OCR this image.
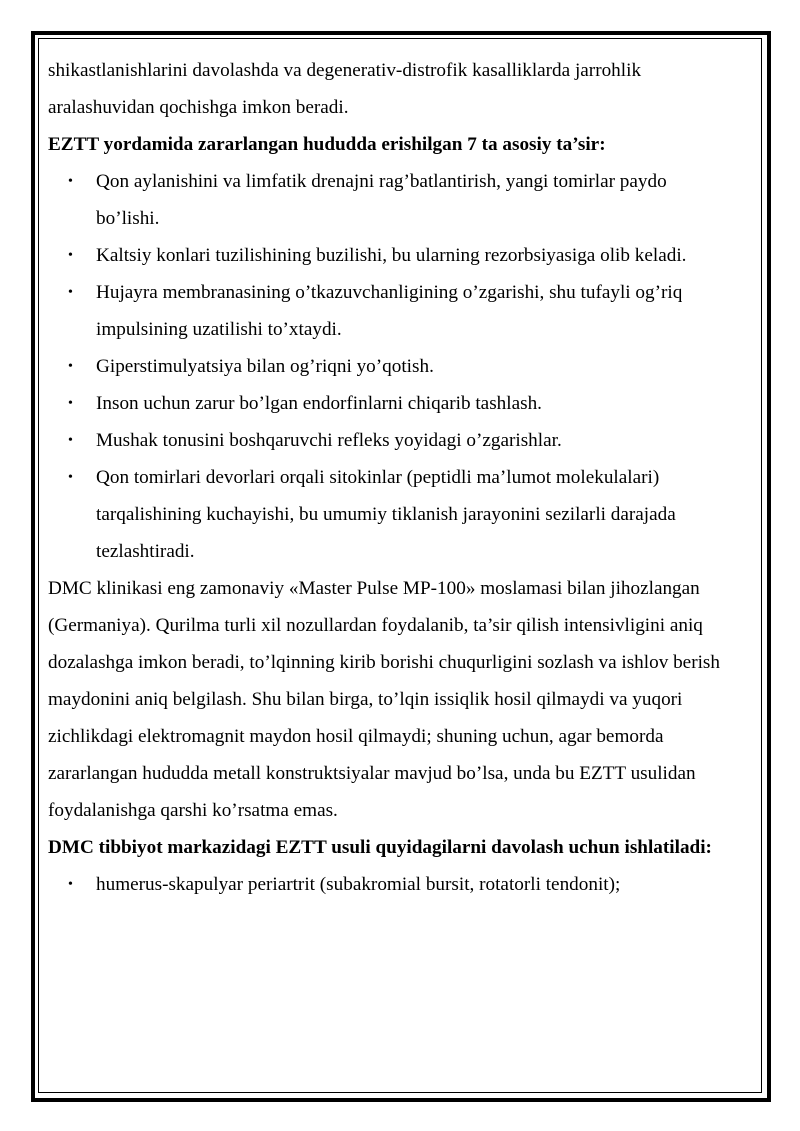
shikastlanishlarini davolashda va degenerativ-distrofik kasalliklarda jarrohlik aralashuvidan qochishga imkon beradi.

EZTT yordamida zararlangan hududda erishilgan 7 ta asosiy ta’sir:

• Qon aylanishini va limfatik drenajni rag’batlantirish, yangi tomirlar paydo bo’lishi.
• Kaltsiy konlari tuzilishining buzilishi, bu ularning rezorbsiyasiga olib keladi.
• Hujayra membranasining o’tkazuvchanligining o’zgarishi, shu tufayli og’riq impulsining uzatilishi to’xtaydi.
• Giperstimulyatsiya bilan og’riqni yo’qotish.
• Inson uchun zarur bo’lgan endorfinlarni chiqarib tashlash.
• Mushak tonusini boshqaruvchi refleks yoyidagi o’zgarishlar.
• Qon tomirlari devorlari orqali sitokinlar (peptidli ma’lumot molekulalari) tarqalishining kuchayishi, bu umumiy tiklanish jarayonini sezilarli darajada tezlashtiradi.

DMC klinikasi eng zamonaviy «Master Pulse MP-100» moslamasi bilan jihozlangan (Germaniya). Qurilma turli xil nozullardan foydalanib, ta’sir qilish intensivligini aniq dozalashga imkon beradi, to’lqinning kirib borishi chuqurligini sozlash va ishlov berish maydonini aniq belgilash. Shu bilan birga, to’lqin issiqlik hosil qilmaydi va yuqori zichlikdagi elektromagnit maydon hosil qilmaydi; shuning uchun, agar bemorda zararlangan hududda metall konstruktsiyalar mavjud bo’lsa, unda bu EZTT usulidan foydalanishga qarshi ko’rsatma emas.

DMC tibbiyot markazidagi EZTT usuli quyidagilarni davolash uchun ishlatiladi:

• humerus-skapulyar periartrit (subakromial bursit, rotatorli tendonit);
